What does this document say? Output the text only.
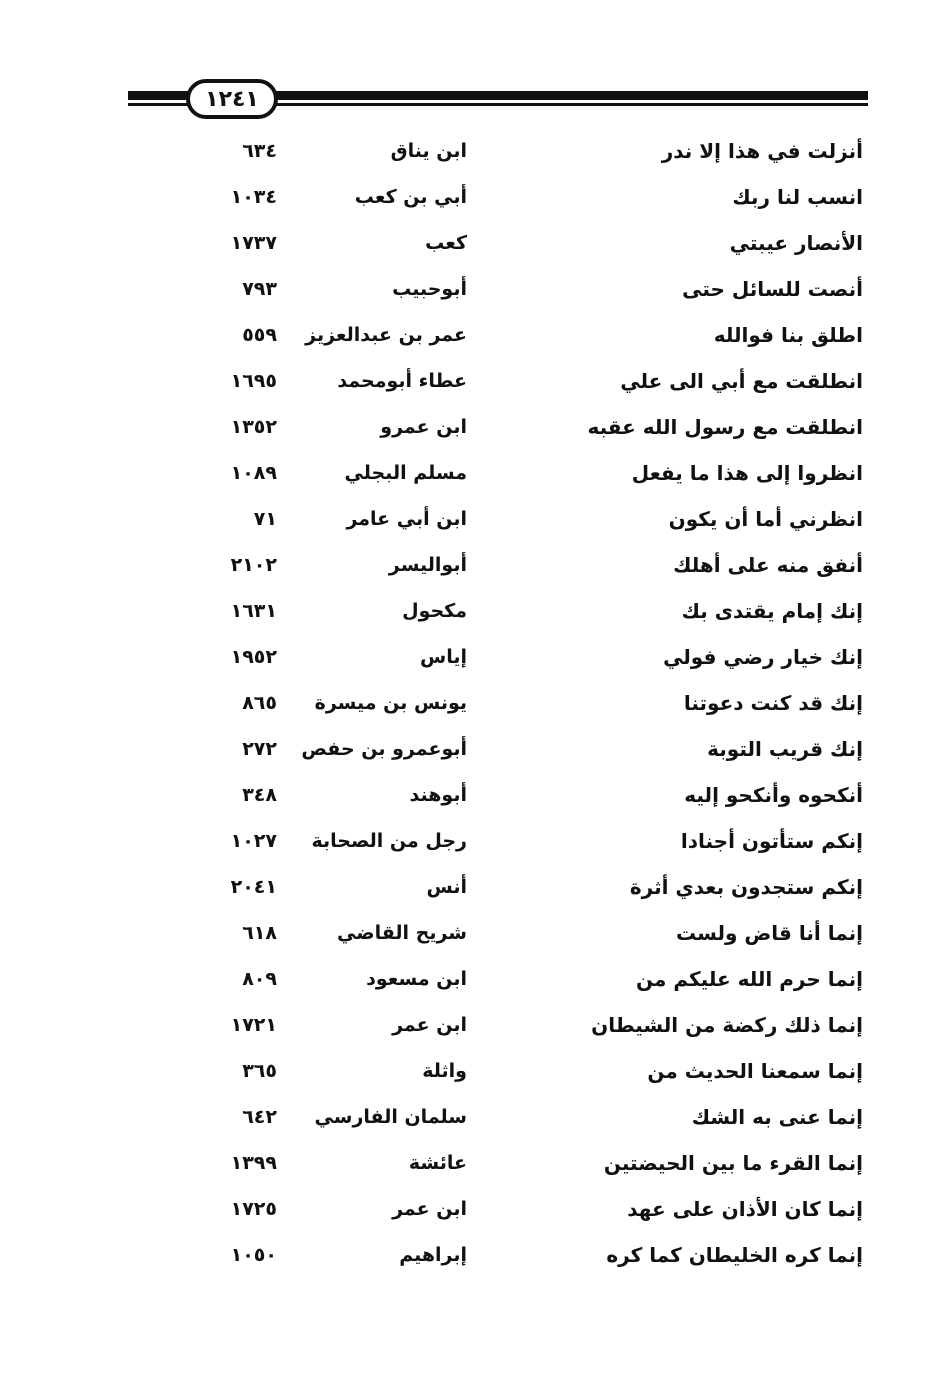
١٢٤١
أنزلت في هذا إلا ندر
ابن يناق
٦٣٤
انسب لنا ربك
أبي بن كعب
١٠٣٤
الأنصار عيبتي
كعب
١٧٣٧
أنصت للسائل حتى
أبوحبيب
٧٩٣
اطلق بنا فوالله
عمر بن عبدالعزيز
٥٥٩
انطلقت مع أبي الى علي
عطاء أبومحمد
١٦٩٥
انطلقت مع رسول الله عقبه
ابن عمرو
١٣٥٢
انظروا إلى هذا ما يفعل
مسلم البجلي
١٠٨٩
انظرني أما أن يكون
ابن أبي عامر
٧١
أنفق منه على أهلك
أبواليسر
٢١٠٢
إنك إمام يقتدى بك
مكحول
١٦٣١
إنك خيار رضي فولي
إياس
١٩٥٢
إنك قد كنت دعوتنا
يونس بن ميسرة
٨٦٥
إنك قريب التوبة
أبوعمرو بن حفص
٢٧٢
أنكحوه وأنكحو إليه
أبوهند
٣٤٨
إنكم ستأتون أجنادا
رجل من الصحابة
١٠٢٧
إنكم ستجدون بعدي أثرة
أنس
٢٠٤١
إنما أنا قاض ولست
شريح القاضي
٦١٨
إنما حرم الله عليكم من
ابن مسعود
٨٠٩
إنما ذلك ركضة من الشيطان
ابن عمر
١٧٢١
إنما سمعنا الحديث من
واثلة
٣٦٥
إنما عنى به الشك
سلمان الفارسي
٦٤٢
إنما القرء ما بين الحيضتين
عائشة
١٣٩٩
إنما كان الأذان على عهد
ابن عمر
١٧٢٥
إنما كره الخليطان كما كره
إبراهيم
١٠٥٠
